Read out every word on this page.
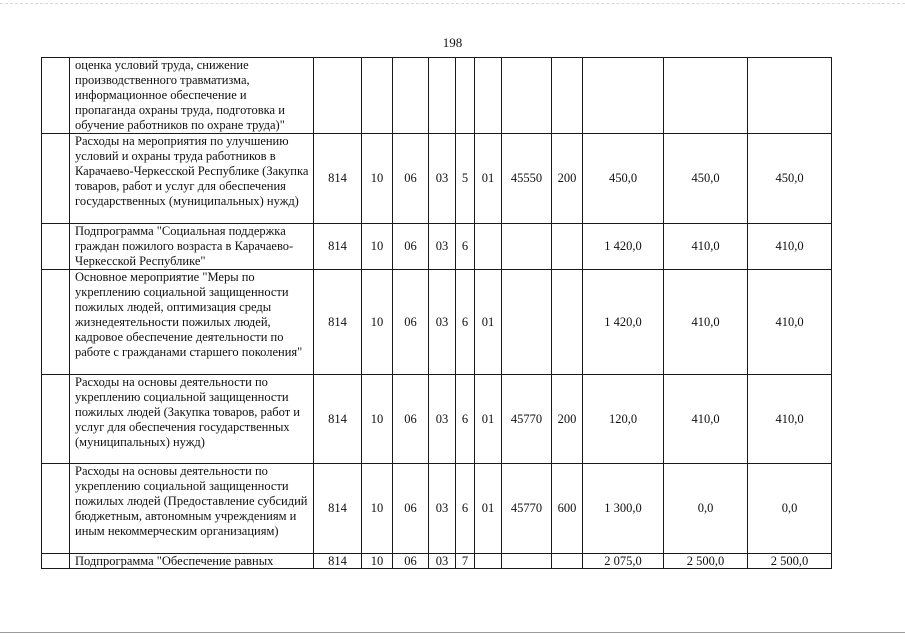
198
	оценка условий труда, снижение производственного травматизма, информационное обеспечение и пропаганда охраны труда, подготовка и обучение работников по охране труда)"											
	Расходы на мероприятия по улучшению условий и охраны труда работников в Карачаево-Черкесской Республике (Закупка товаров, работ и услуг для обеспечения государственных (муниципальных) нужд)	814	10	06	03	5	01	45550	200	450,0	450,0	450,0
	Подпрограмма "Социальная поддержка граждан пожилого возраста в Карачаево-Черкесской Республике"	814	10	06	03	6				1 420,0	410,0	410,0
	Основное мероприятие "Меры по укреплению социальной защищенности пожилых людей, оптимизация среды жизнедеятельности пожилых людей, кадровое обеспечение деятельности по работе с гражданами старшего поколения"	814	10	06	03	6	01			1 420,0	410,0	410,0
	Расходы на основы деятельности по укреплению социальной защищенности пожилых людей (Закупка товаров, работ и услуг для обеспечения государственных (муниципальных) нужд)	814	10	06	03	6	01	45770	200	120,0	410,0	410,0
	Расходы на основы деятельности по укреплению социальной защищенности пожилых людей (Предоставление субсидий бюджетным, автономным учреждениям и иным некоммерческим организациям)	814	10	06	03	6	01	45770	600	1 300,0	0,0	0,0
	Подпрограмма "Обеспечение равных	814	10	06	03	7				2 075,0	2 500,0	2 500,0
